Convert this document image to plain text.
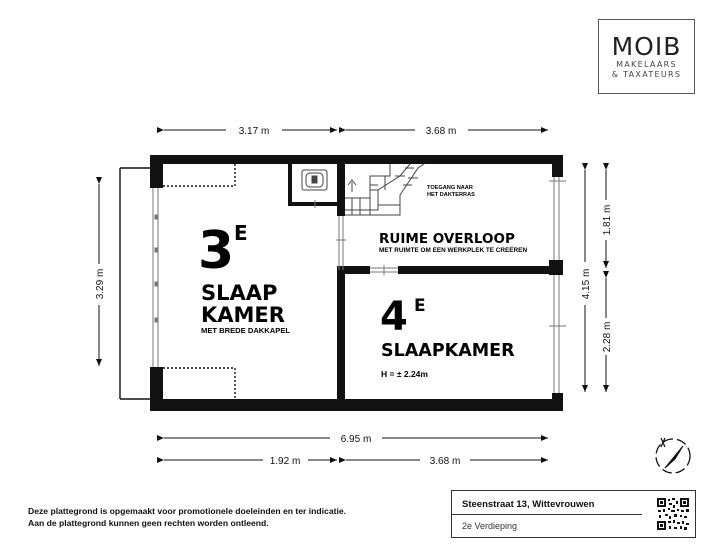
TOEGANG NAAR
HET DAKTERRAS
3 E
SLAAP
KAMER
MET BREDE DAKKAPEL
RUIME OVERLOOP
MET RUIMTE OM EEN WERKPLEK TE CREËREN
4 E
SLAAPKAMER
H = ± 2.24m
3.17 m	3.68 m
6.95 m
1.92 m	3.68 m
3.29 m
1.81 m
4.15 m
2.28 m
MOIB
MAKELAARS
& TAXATEURS
Deze plattegrond is opgemaakt voor promotionele doeleinden en ter indicatie.
Aan de plattegrond kunnen geen rechten worden ontleend.
Steenstraat 13, Wittevrouwen
2e Verdieping
